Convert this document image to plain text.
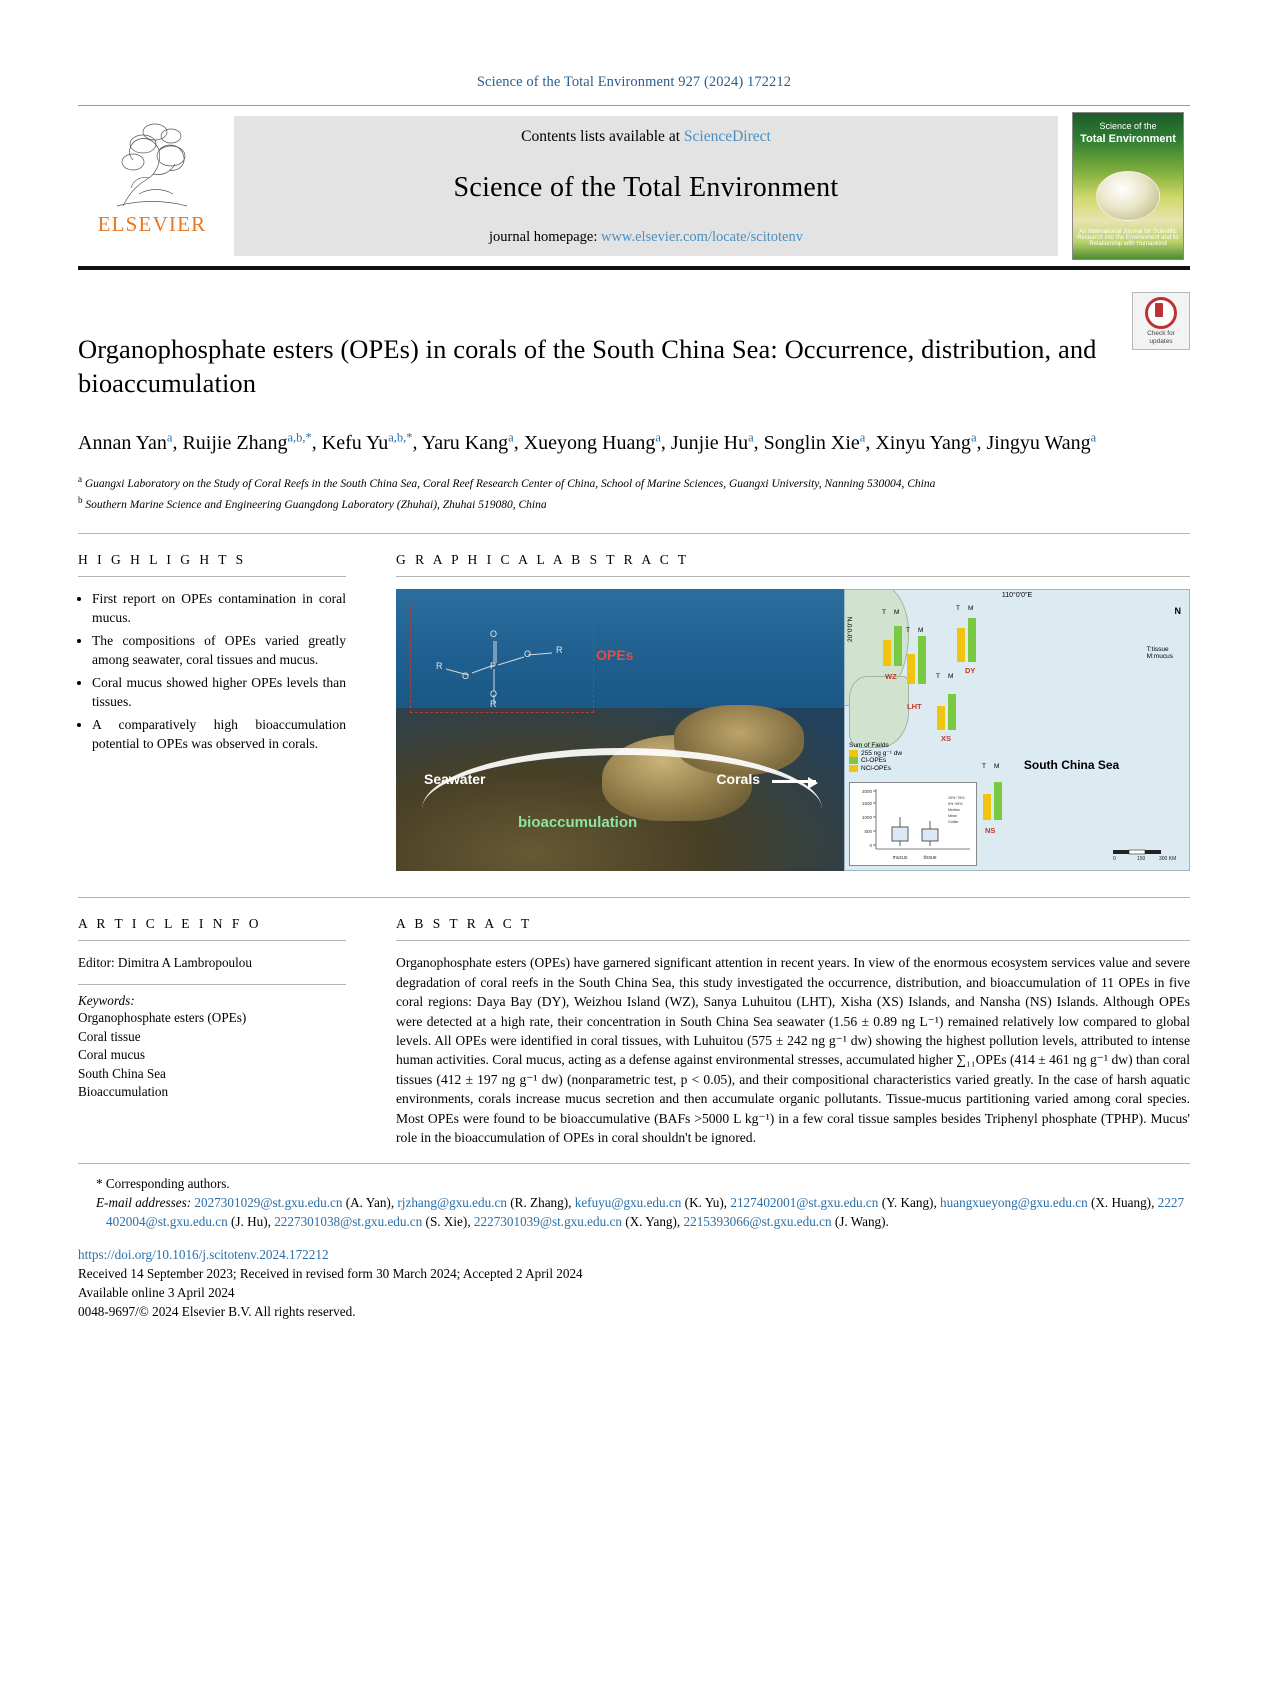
Science of the Total Environment 927 (2024) 172212
ELSEVIER
Contents lists available at ScienceDirect
Science of the Total Environment
journal homepage: www.elsevier.com/locate/scitotenv
Science of the
Total Environment
An International Journal for Scientific Research into the Environment and its Relationship with Humankind
Check for
updates
Organophosphate esters (OPEs) in corals of the South China Sea: Occurrence, distribution, and bioaccumulation
Annan Yan$^a$, Ruijie Zhang$^{a,b,*}$, Kefu $Yu^{a,b,*}$, Yaru Kang$^a$, Xueyong Huang$^a$, Junjie Hu$^a$, Songlin Xie$^a$, Xinyu Yang$^a$, Jingyu Wang$^a$
$^a$ Guangxi Laboratory on the Study of Coral Reefs in the South China Sea, Coral Reef Research Center of China, School of Marine Sciences, Guangxi University, Nanning 530004, China
$^b$ Southern Marine Science and Engineering Guangdong Laboratory (Zhuhai), Zhuhai 519080, China
H I G H L I G H T S
• First report on OPEs contamination in coral mucus.
• The compositions of OPEs varied greatly among seawater, coral tissues and mucus.
• Coral mucus showed higher OPEs levels than tissues.
• A comparatively high bioaccumulation potential to OPEs was observed in corals.
G R A P H I C A L A B S T R A C T
O
P
O
O
O
R
R
R
OPEs
Seawater	Corals
bioaccumulation
110°0'0"E
N
20°0'0"N
T M
DY
T M
WZ
T M
LHT
T M
XS
T M
NS
South China Sea
T:tissue
M:mucus
Sum of Fields
255 ng g⁻¹ dw
Cl-OPEs
NCl-OPEs
0
500
1000
1500
2000
mucus	tissue
25%~75%
5%~95%
Median
Mean
Outlier
0	150	300 KM
A R T I C L E I N F O
Editor: Dimitra A Lambropoulou
Keywords:
Organophosphate esters (OPEs)
Coral tissue
Coral mucus
South China Sea
Bioaccumulation
A B S T R A C T
Organophosphate esters (OPEs) have garnered significant attention in recent years. In view of the enormous ecosystem services value and severe degradation of coral reefs in the South China Sea, this study investigated the occurrence, distribution, and bioaccumulation of 11 OPEs in five coral regions: Daya Bay (DY), Weizhou Island (WZ), Sanya Luhuitou (LHT), Xisha (XS) Islands, and Nansha (NS) Islands. Although OPEs were detected at a high rate, their concentration in South China Sea seawater (1.56 ± 0.89 ng L⁻¹) remained relatively low compared to global levels. All OPEs were identified in coral tissues, with Luhuitou (575 ± 242 ng g⁻¹ dw) showing the highest pollution levels, attributed to intense human activities. Coral mucus, acting as a defense against environmental stresses, accumulated higher ∑₁₁OPEs (414 ± 461 ng g⁻¹ dw) than coral tissues (412 ± 197 ng g⁻¹ dw) (nonparametric test, p < 0.05), and their compositional characteristics varied greatly. In the case of harsh aquatic environments, corals increase mucus secretion and then accumulate organic pollutants. Tissue-mucus partitioning varied among coral species. Most OPEs were found to be bioaccumulative (BAFs >5000 L kg⁻¹) in a few coral tissue samples besides Triphenyl phosphate (TPHP). Mucus' role in the bioaccumulation of OPEs in coral shouldn't be ignored.
* Corresponding authors.
E-mail addresses: 2027301029@st.gxu.edu.cn (A. Yan), rjzhang@gxu.edu.cn (R. Zhang), kefuyu@gxu.edu.cn (K. Yu), 2127402001@st.gxu.edu.cn (Y. Kang), huangxueyong@gxu.edu.cn (X. Huang), 2227402004@st.gxu.edu.cn (J. Hu), 2227301038@st.gxu.edu.cn (S. Xie), 2227301039@st.gxu.edu.cn (X. Yang), 2215393066@st.gxu.edu.cn (J. Wang).
https://doi.org/10.1016/j.scitotenv.2024.172212
Received 14 September 2023; Received in revised form 30 March 2024; Accepted 2 April 2024
Available online 3 April 2024
0048-9697/© 2024 Elsevier B.V. All rights reserved.
